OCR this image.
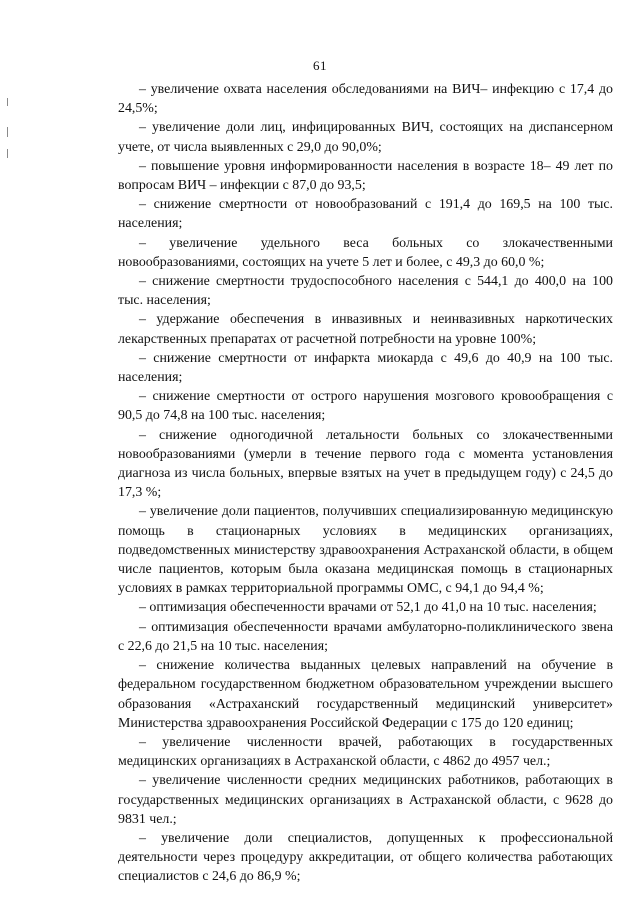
61

– увеличение охвата населения обследованиями на ВИЧ– инфекцию с 17,4 до 24,5%;

– увеличение доли лиц, инфицированных ВИЧ, состоящих на диспансерном учете, от числа выявленных с 29,0 до 90,0%;

– повышение уровня информированности населения в возрасте 18– 49 лет по вопросам ВИЧ – инфекции с 87,0 до 93,5;

– снижение смертности от новообразований с 191,4 до 169,5 на 100 тыс. населения;

– увеличение удельного веса больных со злокачественными новообразованиями, состоящих на учете 5 лет и более, с 49,3 до 60,0 %;

– снижение смертности трудоспособного населения с 544,1 до 400,0 на 100 тыс. населения;

– удержание обеспечения в инвазивных и неинвазивных наркотических лекарственных препаратах от расчетной потребности на уровне 100%;

– снижение смертности от инфаркта миокарда с 49,6 до 40,9 на 100 тыс. населения;

– снижение смертности от острого нарушения мозгового кровообращения с 90,5 до 74,8 на 100 тыс. населения;

– снижение одногодичной летальности больных со злокачественными новообразованиями (умерли в течение первого года с момента установления диагноза из числа больных, впервые взятых на учет в предыдущем году) с 24,5 до 17,3 %;

– увеличение доли пациентов, получивших специализированную медицинскую помощь в стационарных условиях в медицинских организациях, подведомственных министерству здравоохранения Астраханской области, в общем числе пациентов, которым была оказана медицинская помощь в стационарных условиях в рамках территориальной программы ОМС, с 94,1 до 94,4 %;

– оптимизация обеспеченности врачами от 52,1 до 41,0 на 10 тыс. населения;

– оптимизация обеспеченности врачами амбулаторно-поликлинического звена с 22,6 до 21,5 на 10 тыс. населения;

– снижение количества выданных целевых направлений на обучение в федеральном государственном бюджетном образовательном учреждении высшего образования «Астраханский государственный медицинский университет» Министерства здравоохранения Российской Федерации с 175 до 120 единиц;

– увеличение численности врачей, работающих в государственных медицинских организациях в Астраханской области, с 4862 до 4957 чел.;

– увеличение численности средних медицинских работников, работающих в государственных медицинских организациях в Астраханской области, с 9628 до 9831 чел.;

– увеличение доли специалистов, допущенных к профессиональной деятельности через процедуру аккредитации, от общего количества работающих специалистов с 24,6 до 86,9 %;
